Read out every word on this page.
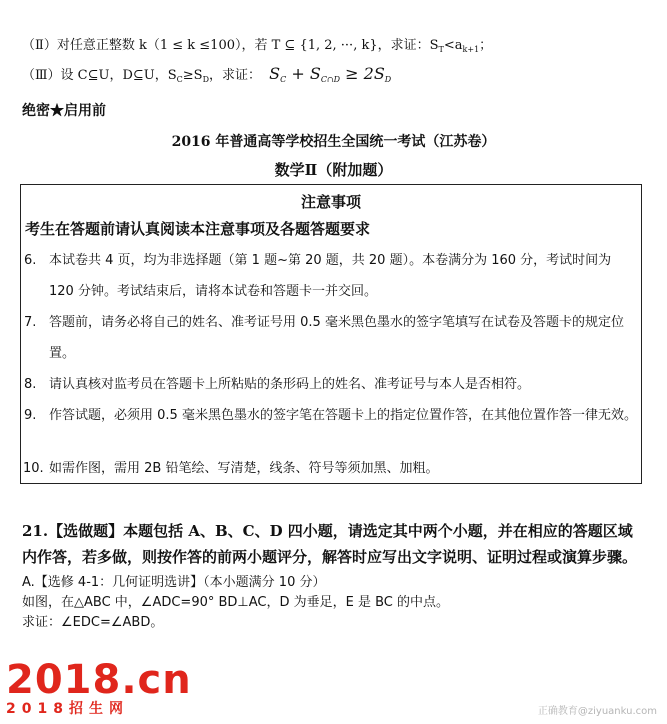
（Ⅱ）对任意正整数 k（1 ≤ k ≤100），若 T ⊆ {1, 2, ···, k}，求证：$S_T<a_{k+1}$；
（Ⅲ）设 C⊆U，D⊆U，$S_C\ge S_D$，求证： $S_C + S_{C\cap D} \ge 2S_D$
绝密★启用前
2016 年普通高等学校招生全国统一考试（江苏卷）
数学Ⅱ（附加题）
注意事项
考生在答题前请认真阅读本注意事项及各题答题要求
6. 本试卷共 4 页，均为非选择题（第 1 题~第 20 题，共 20 题）。本卷满分为 160 分，考试时间为 120 分钟。考试结束后，请将本试卷和答题卡一并交回。
7. 答题前，请务必将自己的姓名、准考证号用 0.5 毫米黑色墨水的签字笔填写在试卷及答题卡的规定位置。
8. 请认真核对监考员在答题卡上所粘贴的条形码上的姓名、准考证号与本人是否相符。
9. 作答试题，必须用 0.5 毫米黑色墨水的签字笔在答题卡上的指定位置作答，在其他位置作答一律无效。
10. 如需作图，需用 2B 铅笔绘、写清楚，线条、符号等须加黑、加粗。
21.【选做题】本题包括 A、B、C、D 四小题，请选定其中两个小题，并在相应的答题区域内作答，若多做，则按作答的前两小题评分，解答时应写出文字说明、证明过程或演算步骤。
A.【选修 4-1：几何证明选讲】（本小题满分 10 分）
如图，在△ABC 中，∠ADC=90° BD⊥AC，D 为垂足，E 是 BC 的中点。
求证：∠EDC=∠ABD。
2018.cn
2018招生网	正确教育@ziyuanku.com
